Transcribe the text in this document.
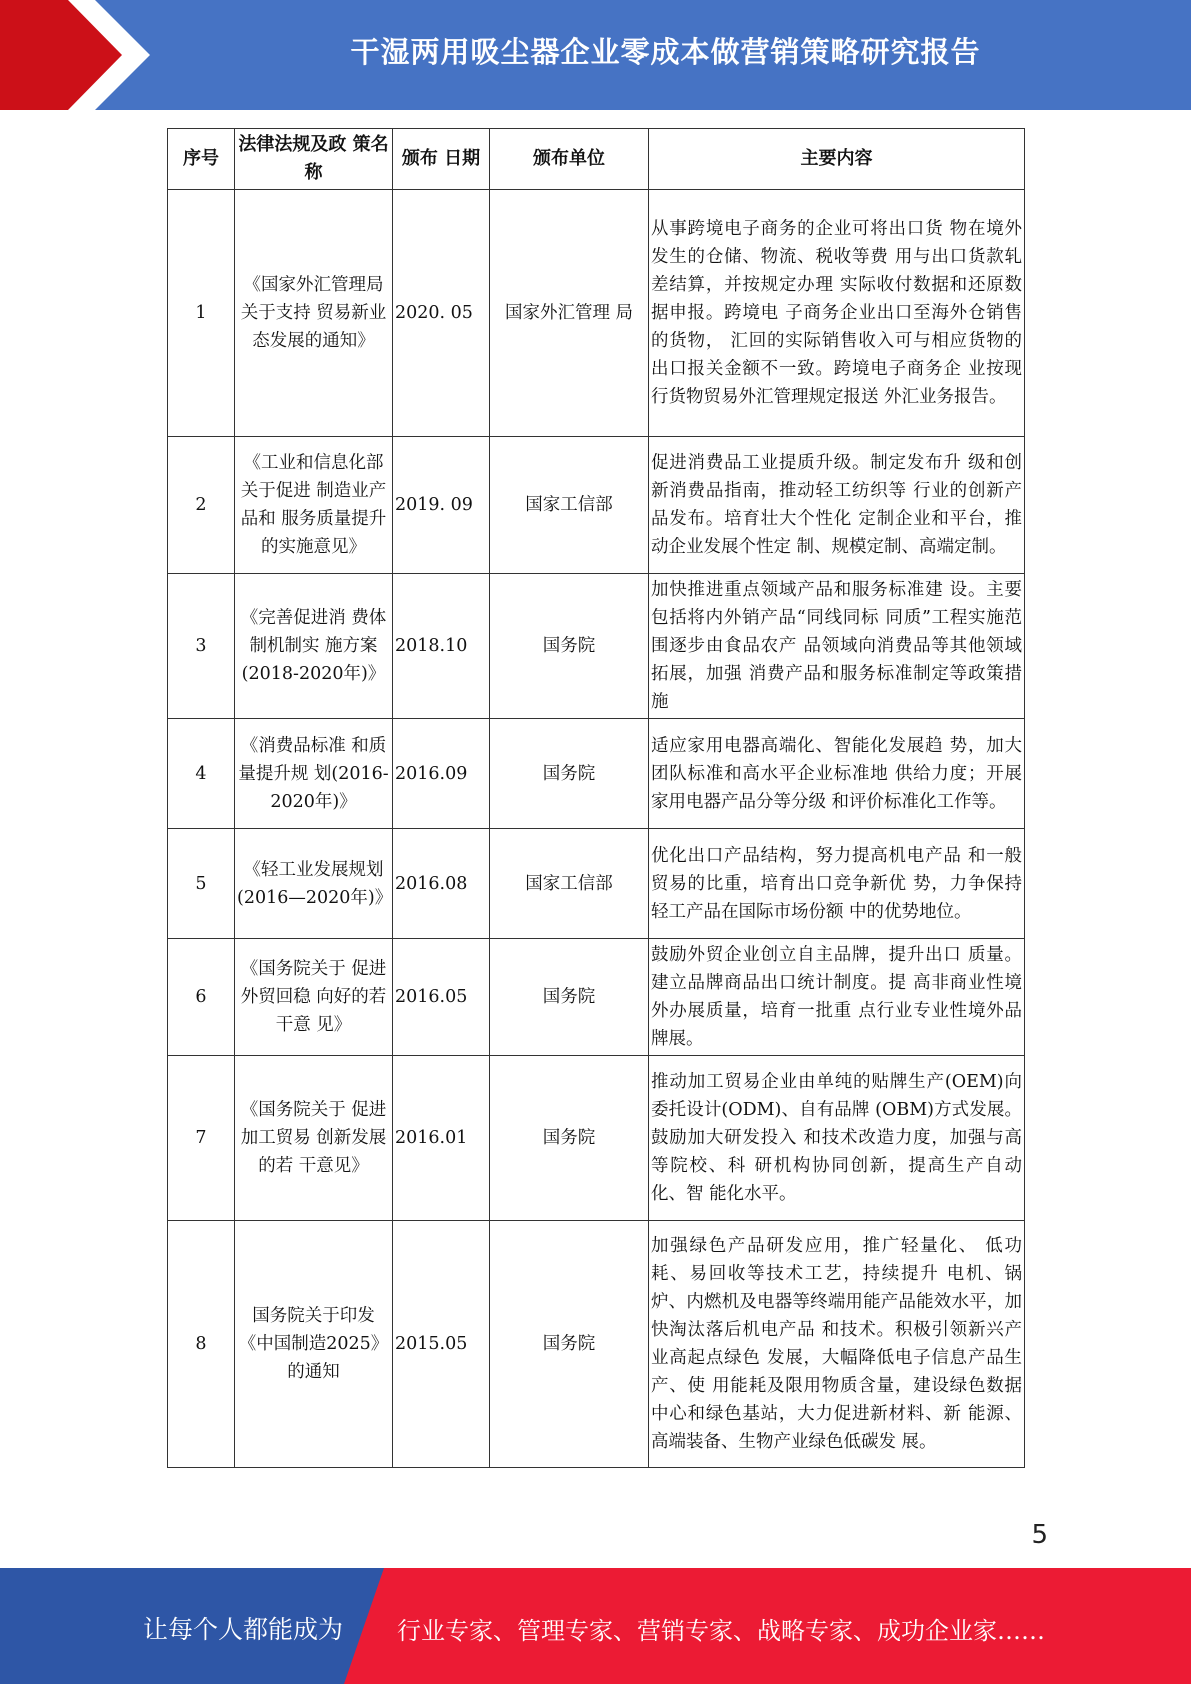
干湿两用吸尘器企业零成本做营销策略研究报告
序号	法律法规及政 策名称	颁布 日期	颁布单位	主要内容
1	《国家外汇管理局关于支持 贸易新业态发展的通知》	2020. 05	国家外汇管理 局	从事跨境电子商务的企业可将出口货 物在境外发生的仓储、物流、税收等费 用与出口货款轧差结算，并按规定办理 实际收付数据和还原数据申报。跨境电 子商务企业出口至海外仓销售的货物， 汇回的实际销售收入可与相应货物的 出口报关金额不一致。跨境电子商务企 业按现行货物贸易外汇管理规定报送 外汇业务报告。
2	《工业和信息化部关于促进 制造业产品和 服务质量提升 的实施意见》	2019. 09	国家工信部	促进消费品工业提质升级。制定发布升 级和创新消费品指南，推动轻工纺织等 行业的创新产品发布。培育壮大个性化 定制企业和平台，推动企业发展个性定 制、规模定制、高端定制。
3	《完善促进消 费体制机制实 施方案(2018-2020年)》	2018.10	国务院	加快推进重点领域产品和服务标准建 设。主要包括将内外销产品“同线同标 同质”工程实施范围逐步由食品农产 品领域向消费品等其他领域拓展，加强 消费产品和服务标准制定等政策措施
4	《消费品标准 和质量提升规 划(2016-2020年)》	2016.09	国务院	适应家用电器高端化、智能化发展趋 势，加大团队标准和高水平企业标准地 供给力度；开展家用电器产品分等分级 和评价标准化工作等。
5	《轻工业发展规划(2016—2020年)》	2016.08	国家工信部	优化出口产品结构，努力提高机电产品 和一般贸易的比重，培育出口竞争新优 势，力争保持轻工产品在国际市场份额 中的优势地位。
6	《国务院关于 促进外贸回稳 向好的若干意 见》	2016.05	国务院	鼓励外贸企业创立自主品牌，提升出口 质量。建立品牌商品出口统计制度。提 高非商业性境外办展质量，培育一批重 点行业专业性境外品牌展。
7	《国务院关于 促进加工贸易 创新发展的若 干意见》	2016.01	国务院	推动加工贸易企业由单纯的贴牌生产(OEM)向委托设计(ODM)、自有品牌 (OBM)方式发展。鼓励加大研发投入 和技术改造力度，加强与高等院校、科 研机构协同创新，提高生产自动化、智 能化水平。
8	国务院关于印发《中国制造2025》的通知	2015.05	国务院	加强绿色产品研发应用，推广轻量化、 低功耗、易回收等技术工艺，持续提升 电机、锅炉、内燃机及电器等终端用能产品能效水平，加快淘汰落后机电产品 和技术。积极引领新兴产业高起点绿色 发展，大幅降低电子信息产品生产、使 用能耗及限用物质含量，建设绿色数据 中心和绿色基站，大力促进新材料、新 能源、高端装备、生物产业绿色低碳发 展。
5
让每个人都能成为 行业专家、管理专家、营销专家、战略专家、成功企业家……
